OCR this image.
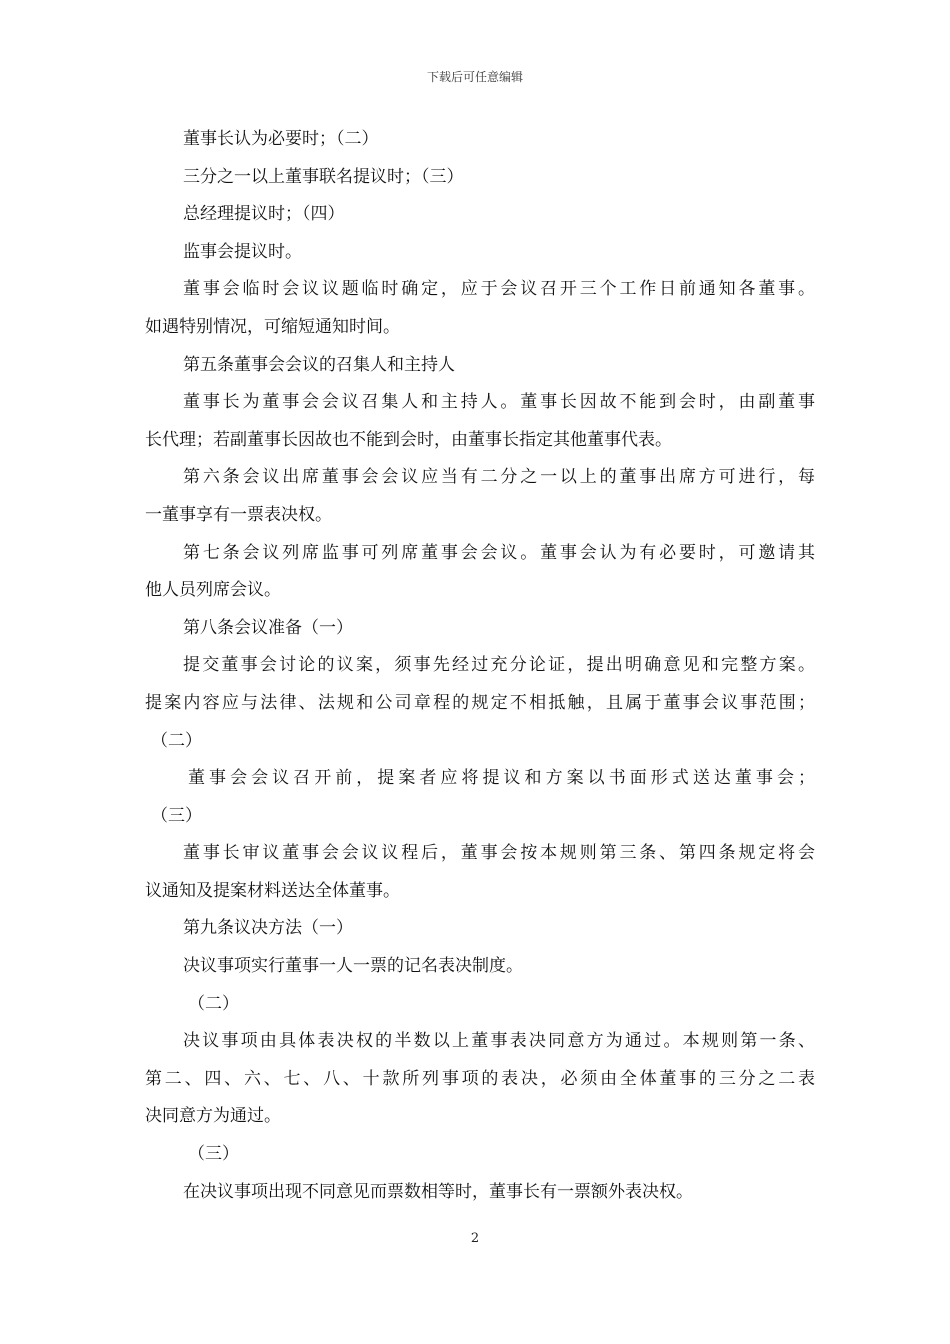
下载后可任意编辑
董事长认为必要时；（二）
三分之一以上董事联名提议时；（三）
总经理提议时；（四）
监事会提议时。
董事会临时会议议题临时确定，应于会议召开三个工作日前通知各董事。
如遇特别情况，可缩短通知时间。
第五条董事会会议的召集人和主持人
董事长为董事会会议召集人和主持人。董事长因故不能到会时，由副董事
长代理；若副董事长因故也不能到会时，由董事长指定其他董事代表。
第六条会议出席董事会会议应当有二分之一以上的董事出席方可进行，每
一董事享有一票表决权。
第七条会议列席监事可列席董事会会议。董事会认为有必要时，可邀请其
他人员列席会议。
第八条会议准备（一）
提交董事会讨论的议案，须事先经过充分论证，提出明确意见和完整方案。
提案内容应与法律、法规和公司章程的规定不相抵触，且属于董事会议事范围；
（二）
董事会会议召开前，提案者应将提议和方案以书面形式送达董事会；
（三）
董事长审议董事会会议议程后，董事会按本规则第三条、第四条规定将会
议通知及提案材料送达全体董事。
第九条议决方法（一）
决议事项实行董事一人一票的记名表决制度。
（二）
决议事项由具体表决权的半数以上董事表决同意方为通过。本规则第一条、
第二、四、六、七、八、十款所列事项的表决，必须由全体董事的三分之二表
决同意方为通过。
（三）
在决议事项出现不同意见而票数相等时，董事长有一票额外表决权。
2
